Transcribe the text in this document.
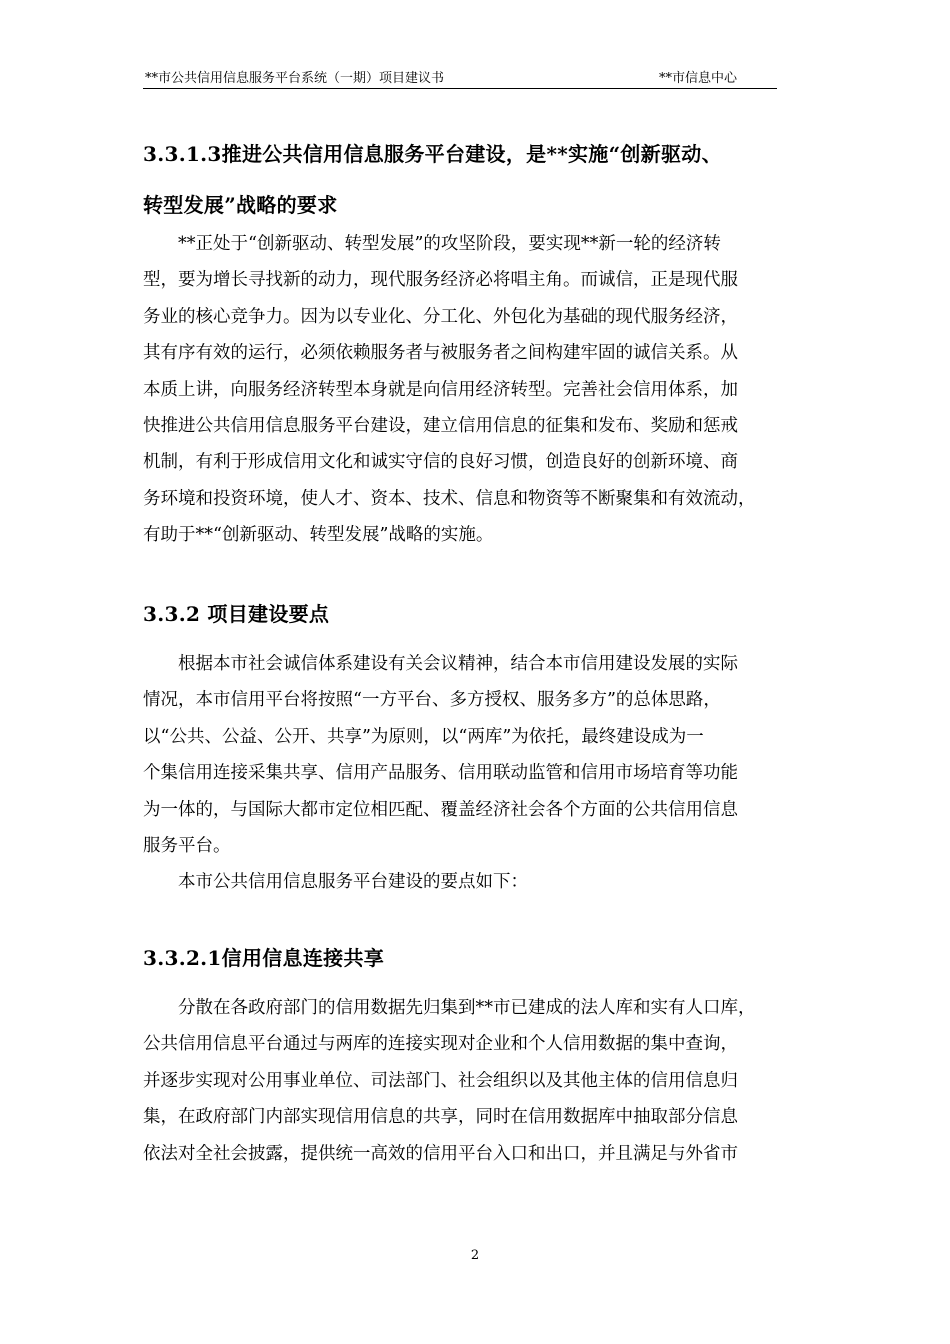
**市公共信用信息服务平台系统（一期）项目建议书	**市信息中心
3.3.1.3推进公共信用信息服务平台建设，是**实施“创新驱动、
转型发展”战略的要求
　　**正处于“创新驱动、转型发展”的攻坚阶段，要实现**新一轮的经济转
型，要为增长寻找新的动力，现代服务经济必将唱主角。而诚信，正是现代服
务业的核心竞争力。因为以专业化、分工化、外包化为基础的现代服务经济，
其有序有效的运行，必须依赖服务者与被服务者之间构建牢固的诚信关系。从
本质上讲，向服务经济转型本身就是向信用经济转型。完善社会信用体系，加
快推进公共信用信息服务平台建设，建立信用信息的征集和发布、奖励和惩戒
机制，有利于形成信用文化和诚实守信的良好习惯，创造良好的创新环境、商
务环境和投资环境，使人才、资本、技术、信息和物资等不断聚集和有效流动，
有助于**“创新驱动、转型发展”战略的实施。
3.3.2 项目建设要点
　　根据本市社会诚信体系建设有关会议精神，结合本市信用建设发展的实际
情况，本市信用平台将按照“一方平台、多方授权、服务多方”的总体思路，
以“公共、公益、公开、共享”为原则，以“两库”为依托，最终建设成为一
个集信用连接采集共享、信用产品服务、信用联动监管和信用市场培育等功能
为一体的，与国际大都市定位相匹配、覆盖经济社会各个方面的公共信用信息
服务平台。
　　本市公共信用信息服务平台建设的要点如下：
3.3.2.1信用信息连接共享
　　分散在各政府部门的信用数据先归集到**市已建成的法人库和实有人口库，
公共信用信息平台通过与两库的连接实现对企业和个人信用数据的集中查询，
并逐步实现对公用事业单位、司法部门、社会组织以及其他主体的信用信息归
集，在政府部门内部实现信用信息的共享，同时在信用数据库中抽取部分信息
依法对全社会披露，提供统一高效的信用平台入口和出口，并且满足与外省市
2
